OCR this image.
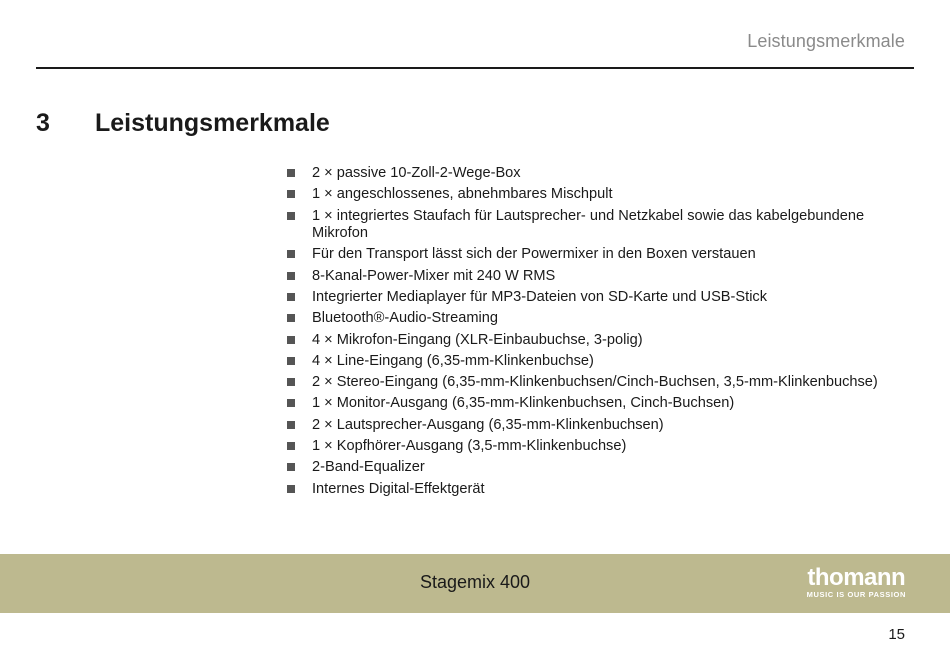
Leistungsmerkmale
3 Leistungsmerkmale
2 × passive 10-Zoll-2-Wege-Box
1 × angeschlossenes, abnehmbares Mischpult
1 × integriertes Staufach für Lautsprecher- und Netzkabel sowie das kabelgebundene Mikrofon
Für den Transport lässt sich der Powermixer in den Boxen verstauen
8-Kanal-Power-Mixer mit 240 W RMS
Integrierter Mediaplayer für MP3-Dateien von SD-Karte und USB-Stick
Bluetooth®-Audio-Streaming
4 × Mikrofon-Eingang (XLR-Einbaubuchse, 3-polig)
4 × Line-Eingang (6,35-mm-Klinkenbuchse)
2 × Stereo-Eingang (6,35-mm-Klinkenbuchsen/Cinch-Buchsen, 3,5-mm-Klinkenbuchse)
1 × Monitor-Ausgang (6,35-mm-Klinkenbuchsen, Cinch-Buchsen)
2 × Lautsprecher-Ausgang (6,35-mm-Klinkenbuchsen)
1 × Kopfhörer-Ausgang (3,5-mm-Klinkenbuchse)
2-Band-Equalizer
Internes Digital-Effektgerät
Stagemix 400	thomann
MUSIC IS OUR PASSION
15
